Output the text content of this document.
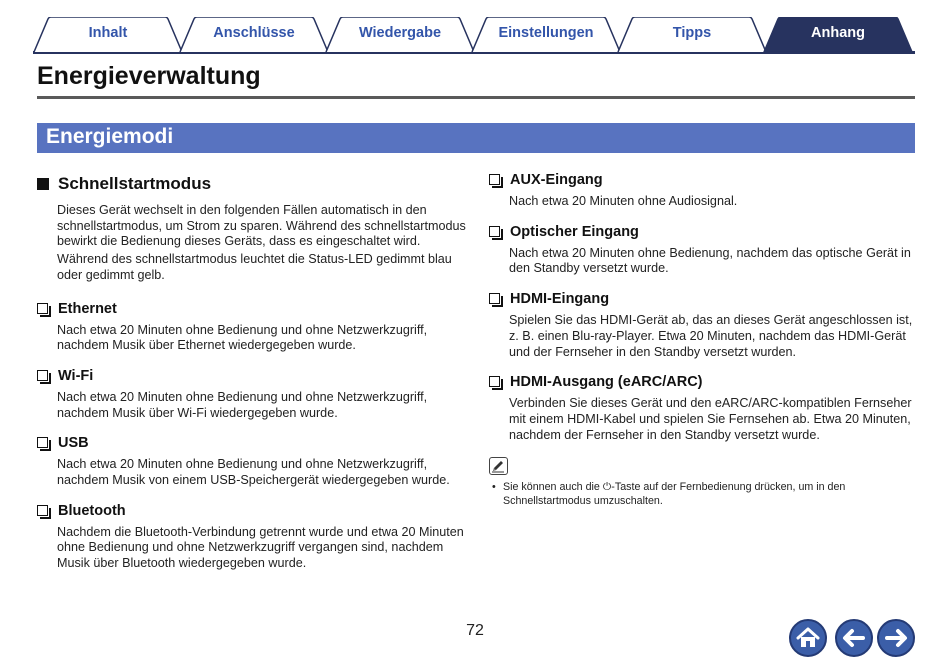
Inhalt	Anschlüsse	Wiedergabe	Einstellungen	Tipps	Anhang
Energieverwaltung
Energiemodi
Schnellstartmodus

Dieses Gerät wechselt in den folgenden Fällen automatisch in den schnellstartmodus, um Strom zu sparen. Während des schnellstartmodus bewirkt die Bedienung dieses Geräts, dass es eingeschaltet wird.

Während des schnellstartmodus leuchtet die Status-LED gedimmt blau oder gedimmt gelb.

Ethernet

Nach etwa 20 Minuten ohne Bedienung und ohne Netzwerkzugriff, nachdem Musik über Ethernet wiedergegeben wurde.

Wi-Fi

Nach etwa 20 Minuten ohne Bedienung und ohne Netzwerkzugriff, nachdem Musik über Wi-Fi wiedergegeben wurde.

USB

Nach etwa 20 Minuten ohne Bedienung und ohne Netzwerkzugriff, nachdem Musik von einem USB-Speichergerät wiedergegeben wurde.

Bluetooth

Nachdem die Bluetooth-Verbindung getrennt wurde und etwa 20 Minuten ohne Bedienung und ohne Netzwerkzugriff vergangen sind, nachdem Musik über Bluetooth wiedergegeben wurde.

AUX-Eingang

Nach etwa 20 Minuten ohne Audiosignal.

Optischer Eingang

Nach etwa 20 Minuten ohne Bedienung, nachdem das optische Gerät in den Standby versetzt wurde.

HDMI-Eingang

Spielen Sie das HDMI-Gerät ab, das an dieses Gerät angeschlossen ist, z. B. einen Blu-ray-Player. Etwa 20 Minuten, nachdem das HDMI-Gerät und der Fernseher in den Standby versetzt wurden.

HDMI-Ausgang (eARC/ARC)

Verbinden Sie dieses Gerät und den eARC/ARC-kompatiblen Fernseher mit einem HDMI-Kabel und spielen Sie Fernsehen ab. Etwa 20 Minuten, nachdem der Fernseher in den Standby versetzt wurde.

• Sie können auch die ⏻-Taste auf der Fernbedienung drücken, um in den Schnellstartmodus umzuschalten.
72
